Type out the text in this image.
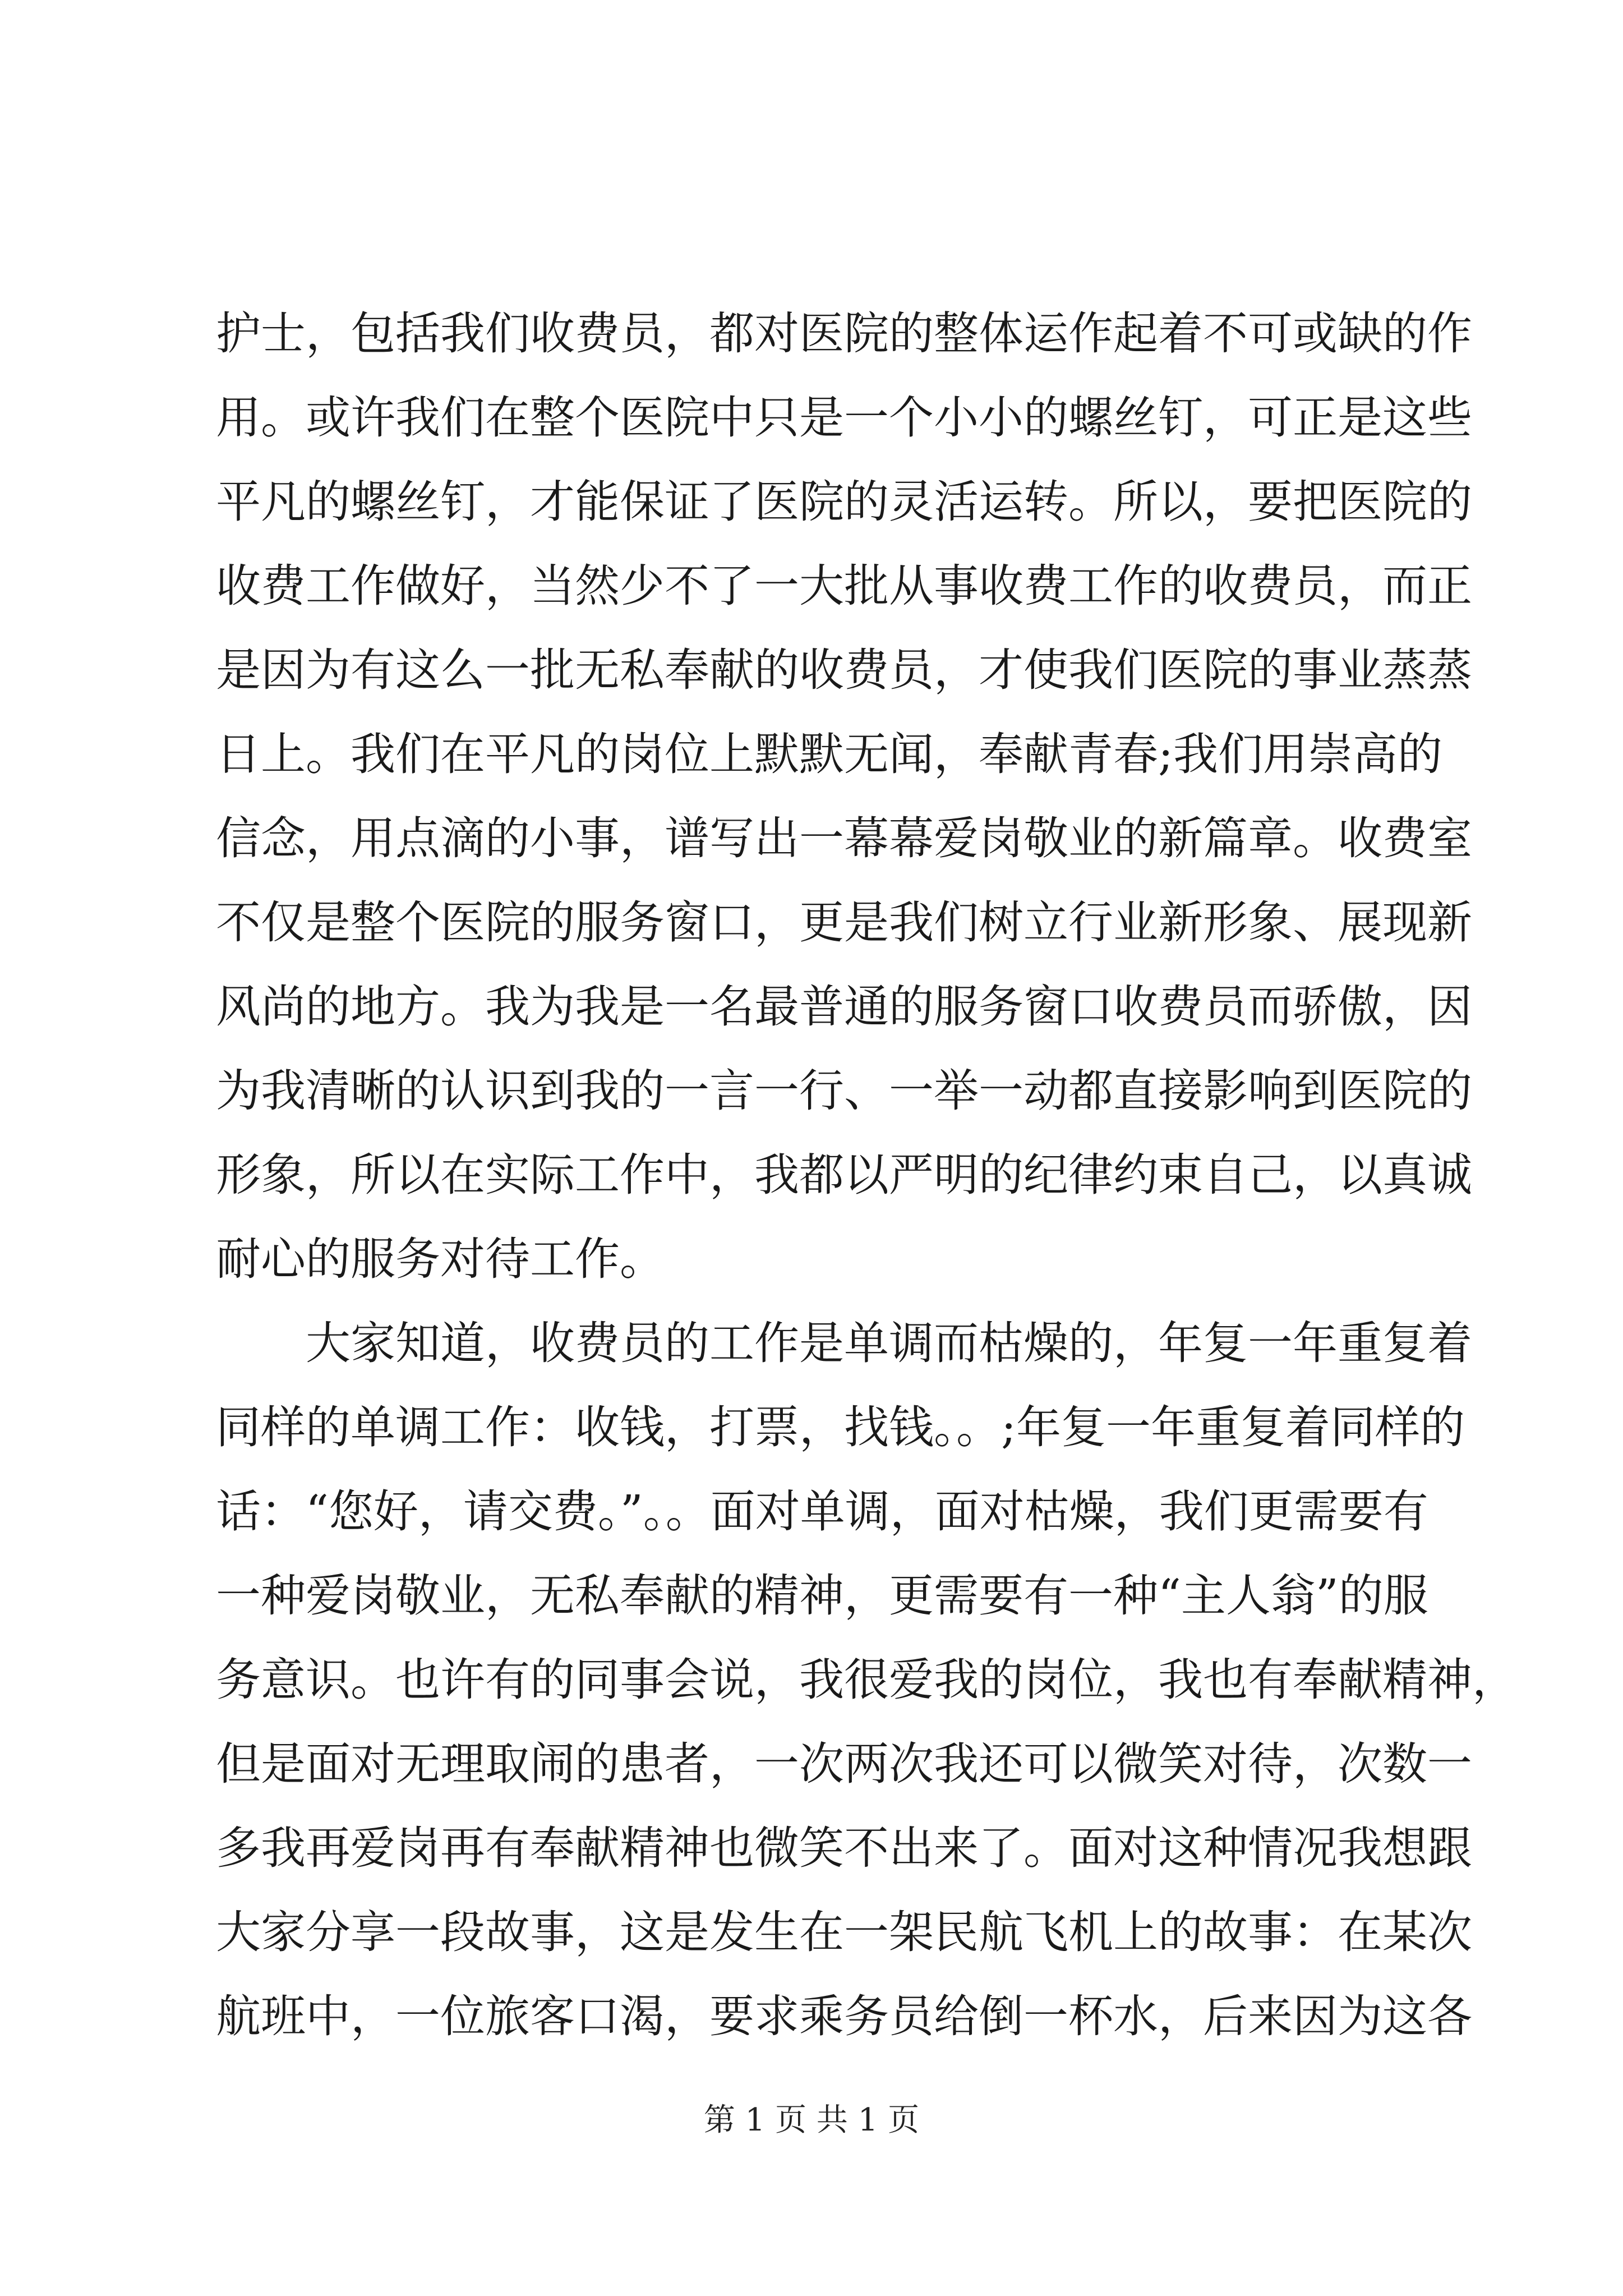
护士，包括我们收费员，都对医院的整体运作起着不可或缺的作
用。或许我们在整个医院中只是一个小小的螺丝钉，可正是这些
平凡的螺丝钉，才能保证了医院的灵活运转。所以，要把医院的
收费工作做好，当然少不了一大批从事收费工作的收费员，而正
是因为有这么一批无私奉献的收费员，才使我们医院的事业蒸蒸
日上。我们在平凡的岗位上默默无闻，奉献青春;我们用崇高的
信念，用点滴的小事，谱写出一幕幕爱岗敬业的新篇章。收费室
不仅是整个医院的服务窗口，更是我们树立行业新形象、展现新
风尚的地方。我为我是一名最普通的服务窗口收费员而骄傲，因
为我清晰的认识到我的一言一行、一举一动都直接影响到医院的
形象，所以在实际工作中，我都以严明的纪律约束自己，以真诚
耐心的服务对待工作。
　　大家知道，收费员的工作是单调而枯燥的，年复一年重复着
同样的单调工作：收钱，打票，找钱。。;年复一年重复着同样的
话：“您好，请交费。”。。面对单调，面对枯燥，我们更需要有
一种爱岗敬业，无私奉献的精神，更需要有一种“主人翁”的服
务意识。也许有的同事会说，我很爱我的岗位，我也有奉献精神，
但是面对无理取闹的患者，一次两次我还可以微笑对待，次数一
多我再爱岗再有奉献精神也微笑不出来了。面对这种情况我想跟
大家分享一段故事，这是发生在一架民航飞机上的故事：在某次
航班中，一位旅客口渴，要求乘务员给倒一杯水，后来因为这各
第 1 页 共 1 页
